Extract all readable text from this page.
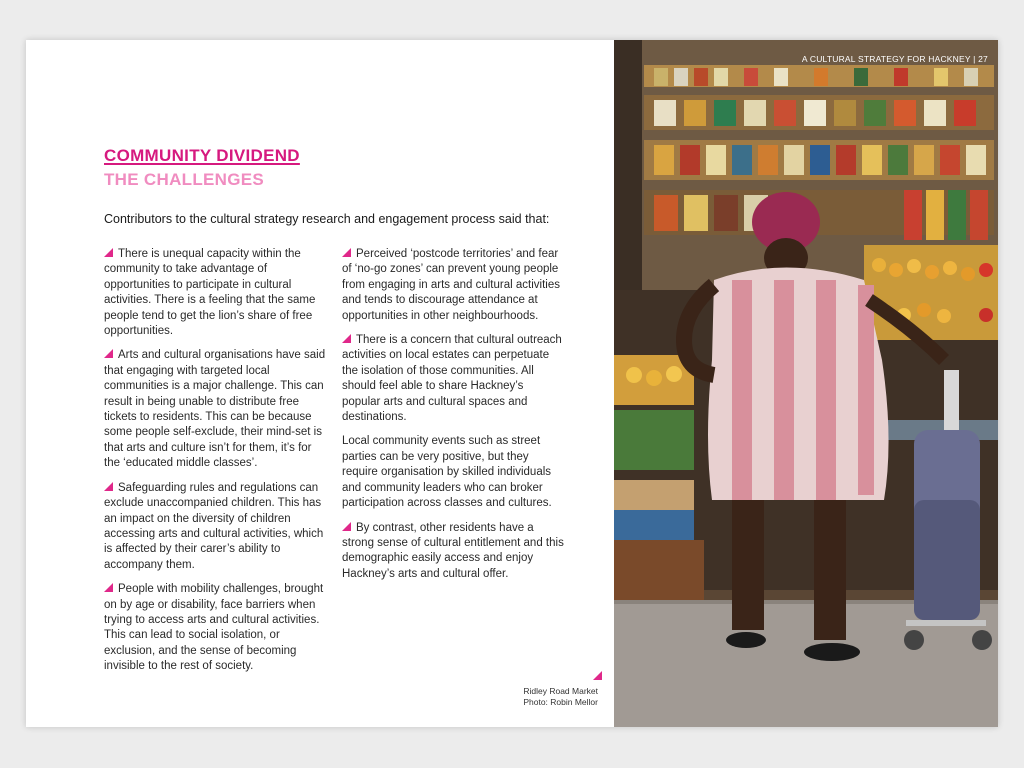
COMMUNITY DIVIDEND
THE CHALLENGES
Contributors to the cultural strategy research and engagement process said that:

There is unequal capacity within the community to take advantage of opportunities to participate in cultural activities. There is a feeling that the same people tend to get the lion’s share of free opportunities.

Arts and cultural organisations have said that engaging with targeted local communities is a major challenge. This can result in being unable to distribute free tickets to residents. This can be because some people self-exclude, their mind-set is that arts and culture isn’t for them, it’s for the ‘educated middle classes’.

Safeguarding rules and regulations can exclude unaccompanied children. This has an impact on the diversity of children accessing arts and cultural activities, which is affected by their carer’s ability to accompany them.

People with mobility challenges, brought on by age or disability, face barriers when trying to access arts and cultural activities. This can lead to social isolation, or exclusion, and the sense of becoming invisible to the rest of society.

Perceived ‘postcode territories’ and fear of ‘no-go zones’ can prevent young people from engaging in arts and cultural activities and tends to discourage attendance at opportunities in other neighbourhoods.

There is a concern that cultural outreach activities on local estates can perpetuate the isolation of those communities. All should feel able to share Hackney’s popular arts and cultural spaces and destinations.

Local community events such as street parties can be very positive, but they require organisation by skilled individuals and community leaders who can broker participation across classes and cultures.

By contrast, other residents have a strong sense of cultural entitlement and this demographic easily access and enjoy Hackney’s arts and cultural offer.

Ridley Road Market
Photo: Robin Mellor
A CULTURAL STRATEGY FOR HACKNEY | 27
